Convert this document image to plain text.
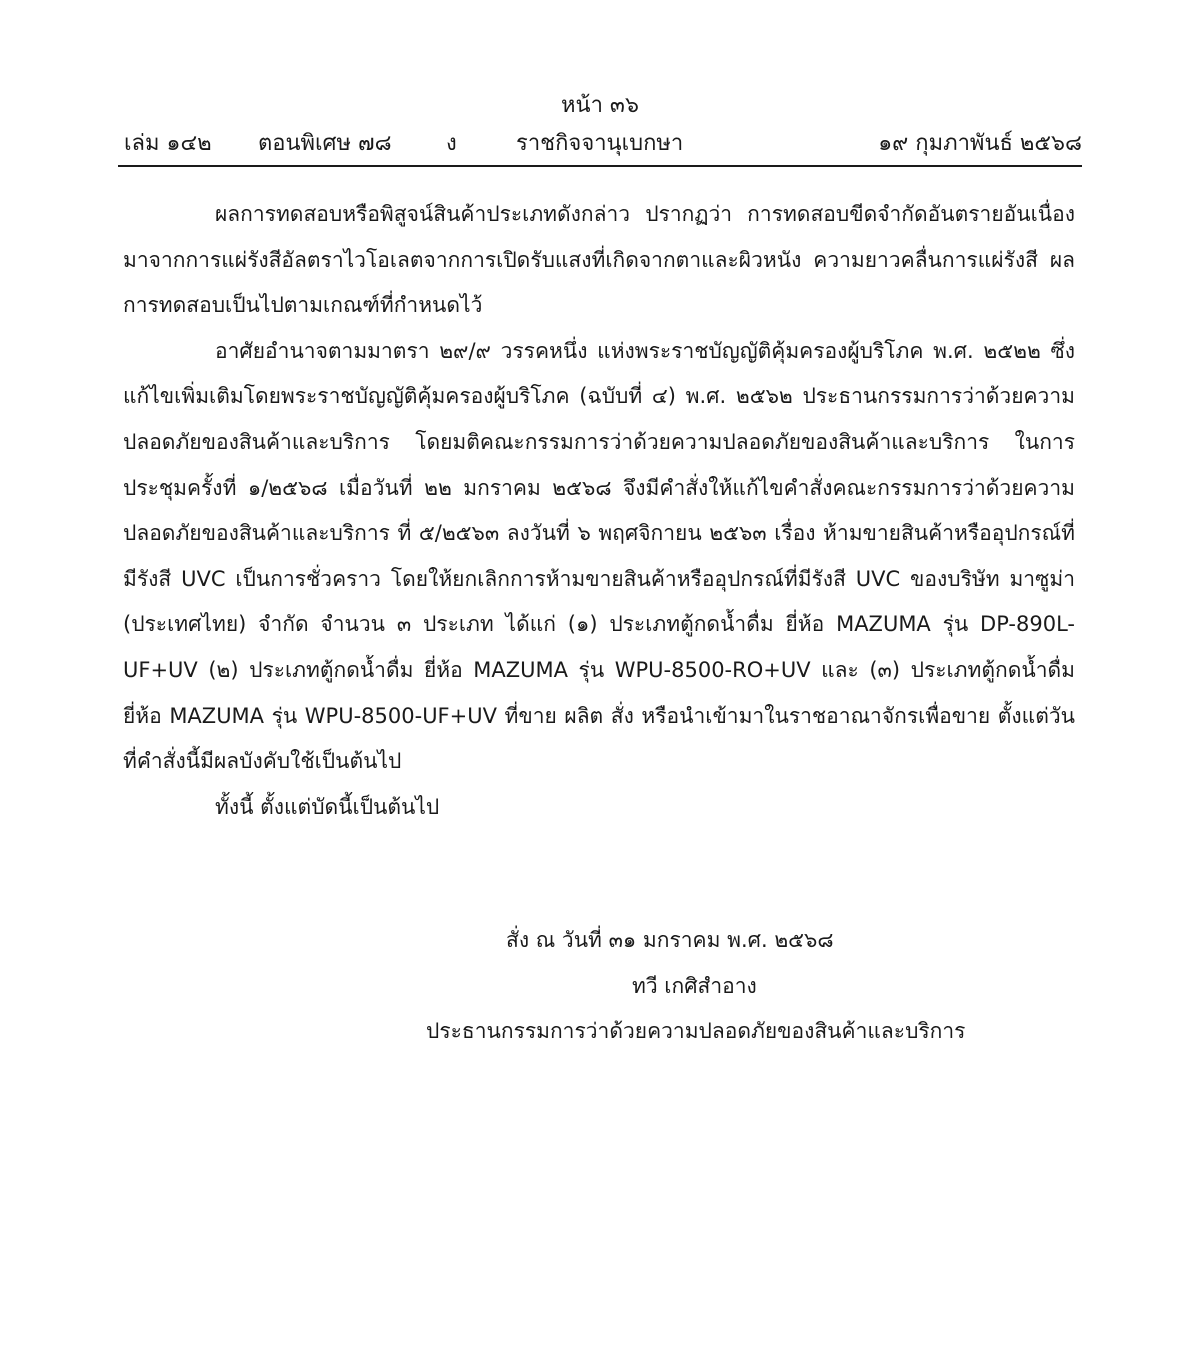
หน้า ๓๖
เล่ม ๑๔๒ ตอนพิเศษ ๗๘ ง	ราชกิจจานุเบกษา	๑๙ กุมภาพันธ์ ๒๕๖๘

ผลการทดสอบหรือพิสูจน์สินค้าประเภทดังกล่าว ปรากฏว่า การทดสอบขีดจำกัดอันตรายอันเนื่องมาจากการแผ่รังสีอัลตราไวโอเลตจากการเปิดรับแสงที่เกิดจากตาและผิวหนัง ความยาวคลื่นการแผ่รังสี ผลการทดสอบเป็นไปตามเกณฑ์ที่กำหนดไว้

อาศัยอำนาจตามมาตรา ๒๙/๙ วรรคหนึ่ง แห่งพระราชบัญญัติคุ้มครองผู้บริโภค พ.ศ. ๒๕๒๒ ซึ่งแก้ไขเพิ่มเติมโดยพระราชบัญญัติคุ้มครองผู้บริโภค (ฉบับที่ ๔) พ.ศ. ๒๕๖๒ ประธานกรรมการว่าด้วยความปลอดภัยของสินค้าและบริการ โดยมติคณะกรรมการว่าด้วยความปลอดภัยของสินค้าและบริการ ในการประชุมครั้งที่ ๑/๒๕๖๘ เมื่อวันที่ ๒๒ มกราคม ๒๕๖๘ จึงมีคำสั่งให้แก้ไขคำสั่งคณะกรรมการว่าด้วยความปลอดภัยของสินค้าและบริการ ที่ ๕/๒๕๖๓ ลงวันที่ ๖ พฤศจิกายน ๒๕๖๓ เรื่อง ห้ามขายสินค้าหรืออุปกรณ์ที่มีรังสี UVC เป็นการชั่วคราว โดยให้ยกเลิกการห้ามขายสินค้าหรืออุปกรณ์ที่มีรังสี UVC ของบริษัท มาซูม่า (ประเทศไทย) จำกัด จำนวน ๓ ประเภท ได้แก่ (๑) ประเภทตู้กดน้ำดื่ม ยี่ห้อ MAZUMA รุ่น DP-890L-UF+UV (๒) ประเภทตู้กดน้ำดื่ม ยี่ห้อ MAZUMA รุ่น WPU-8500-RO+UV และ (๓) ประเภทตู้กดน้ำดื่ม ยี่ห้อ MAZUMA รุ่น WPU-8500-UF+UV ที่ขาย ผลิต สั่ง หรือนำเข้ามาในราชอาณาจักรเพื่อขาย ตั้งแต่วันที่คำสั่งนี้มีผลบังคับใช้เป็นต้นไป

ทั้งนี้ ตั้งแต่บัดนี้เป็นต้นไป

สั่ง ณ วันที่ ๓๑ มกราคม พ.ศ. ๒๕๖๘
ทวี เกศิสำอาง
ประธานกรรมการว่าด้วยความปลอดภัยของสินค้าและบริการ
